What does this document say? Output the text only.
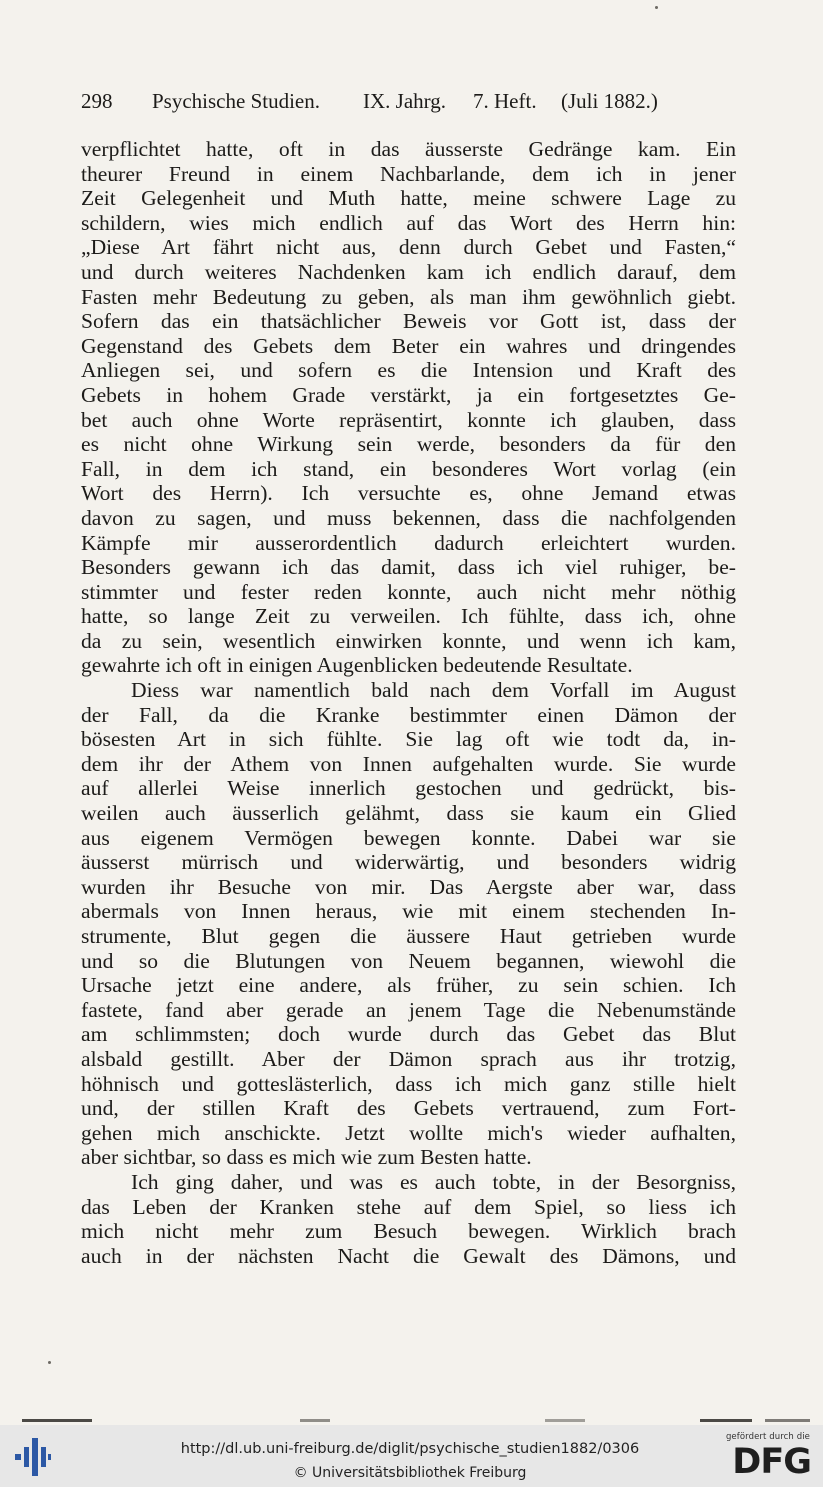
298 Psychische Studien. IX. Jahrg. 7. Heft. (Juli 1882.)
verpflichtet hatte, oft in das äusserste Gedränge kam. Ein
theurer Freund in einem Nachbarlande, dem ich in jener
Zeit Gelegenheit und Muth hatte, meine schwere Lage zu
schildern, wies mich endlich auf das Wort des Herrn hin:
„Diese Art fährt nicht aus, denn durch Gebet und Fasten,“
und durch weiteres Nachdenken kam ich endlich darauf, dem
Fasten mehr Bedeutung zu geben, als man ihm gewöhnlich giebt.
Sofern das ein thatsächlicher Beweis vor Gott ist, dass der
Gegenstand des Gebets dem Beter ein wahres und dringendes
Anliegen sei, und sofern es die Intension und Kraft des
Gebets in hohem Grade verstärkt, ja ein fortgesetztes Ge-
bet auch ohne Worte repräsentirt, konnte ich glauben, dass
es nicht ohne Wirkung sein werde, besonders da für den
Fall, in dem ich stand, ein besonderes Wort vorlag (ein
Wort des Herrn). Ich versuchte es, ohne Jemand etwas
davon zu sagen, und muss bekennen, dass die nachfolgenden
Kämpfe mir ausserordentlich dadurch erleichtert wurden.
Besonders gewann ich das damit, dass ich viel ruhiger, be-
stimmter und fester reden konnte, auch nicht mehr nöthig
hatte, so lange Zeit zu verweilen. Ich fühlte, dass ich, ohne
da zu sein, wesentlich einwirken konnte, und wenn ich kam,
gewahrte ich oft in einigen Augenblicken bedeutende Resultate.
Diess war namentlich bald nach dem Vorfall im August
der Fall, da die Kranke bestimmter einen Dämon der
bösesten Art in sich fühlte. Sie lag oft wie todt da, in-
dem ihr der Athem von Innen aufgehalten wurde. Sie wurde
auf allerlei Weise innerlich gestochen und gedrückt, bis-
weilen auch äusserlich gelähmt, dass sie kaum ein Glied
aus eigenem Vermögen bewegen konnte. Dabei war sie
äusserst mürrisch und widerwärtig, und besonders widrig
wurden ihr Besuche von mir. Das Aergste aber war, dass
abermals von Innen heraus, wie mit einem stechenden In-
strumente, Blut gegen die äussere Haut getrieben wurde
und so die Blutungen von Neuem begannen, wiewohl die
Ursache jetzt eine andere, als früher, zu sein schien. Ich
fastete, fand aber gerade an jenem Tage die Nebenumstände
am schlimmsten; doch wurde durch das Gebet das Blut
alsbald gestillt. Aber der Dämon sprach aus ihr trotzig,
höhnisch und gotteslästerlich, dass ich mich ganz stille hielt
und, der stillen Kraft des Gebets vertrauend, zum Fort-
gehen mich anschickte. Jetzt wollte mich's wieder aufhalten,
aber sichtbar, so dass es mich wie zum Besten hatte.
Ich ging daher, und was es auch tobte, in der Besorgniss,
das Leben der Kranken stehe auf dem Spiel, so liess ich
mich nicht mehr zum Besuch bewegen. Wirklich brach
auch in der nächsten Nacht die Gewalt des Dämons, und
http://dl.ub.uni-freiburg.de/diglit/psychische_studien1882/0306
© Universitätsbibliothek Freiburg
gefördert durch die
DFG
